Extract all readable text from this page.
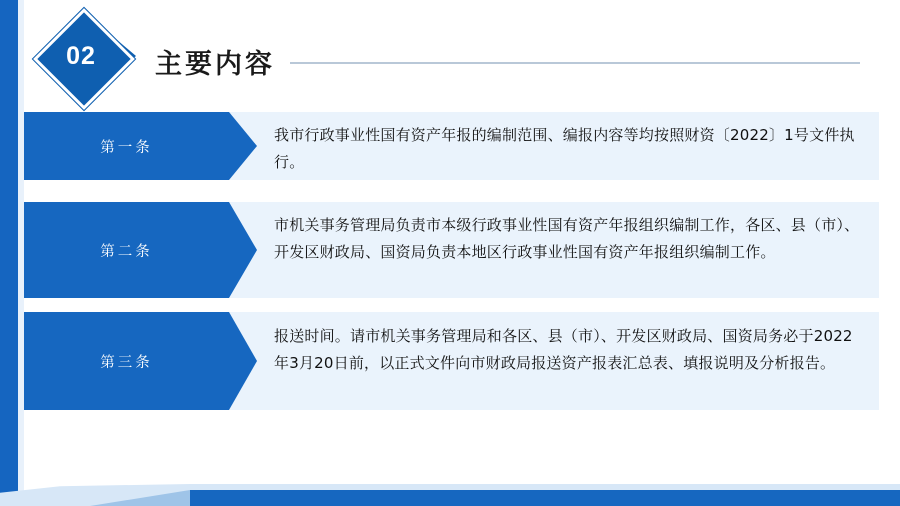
02	主要内容
第一条
我市行政事业性国有资产年报的编制范围、编报内容等均按照财资〔2022〕1号文件执行。
第二条
市机关事务管理局负责市本级行政事业性国有资产年报组织编制工作，各区、县（市）、开发区财政局、国资局负责本地区行政事业性国有资产年报组织编制工作。
第三条
报送时间。请市机关事务管理局和各区、县（市）、开发区财政局、国资局务必于2022年3月20日前，以正式文件向市财政局报送资产报表汇总表、填报说明及分析报告。
